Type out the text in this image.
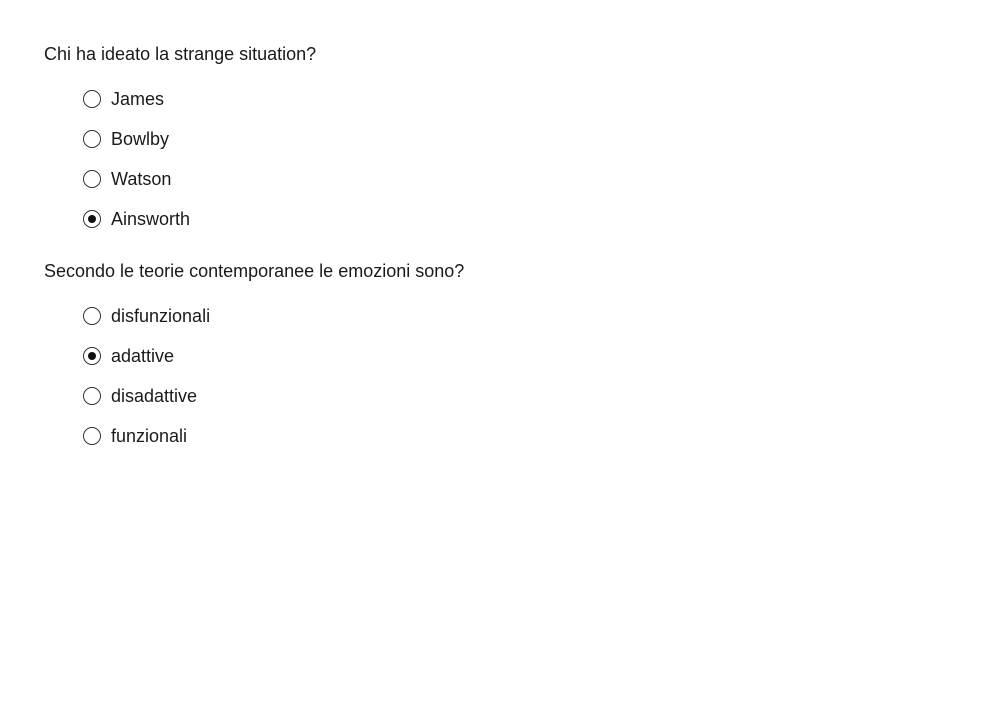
Chi ha ideato la strange situation?

James
Bowlby
Watson
Ainsworth

Secondo le teorie contemporanee le emozioni sono?

disfunzionali
adattive
disadattive
funzionali
